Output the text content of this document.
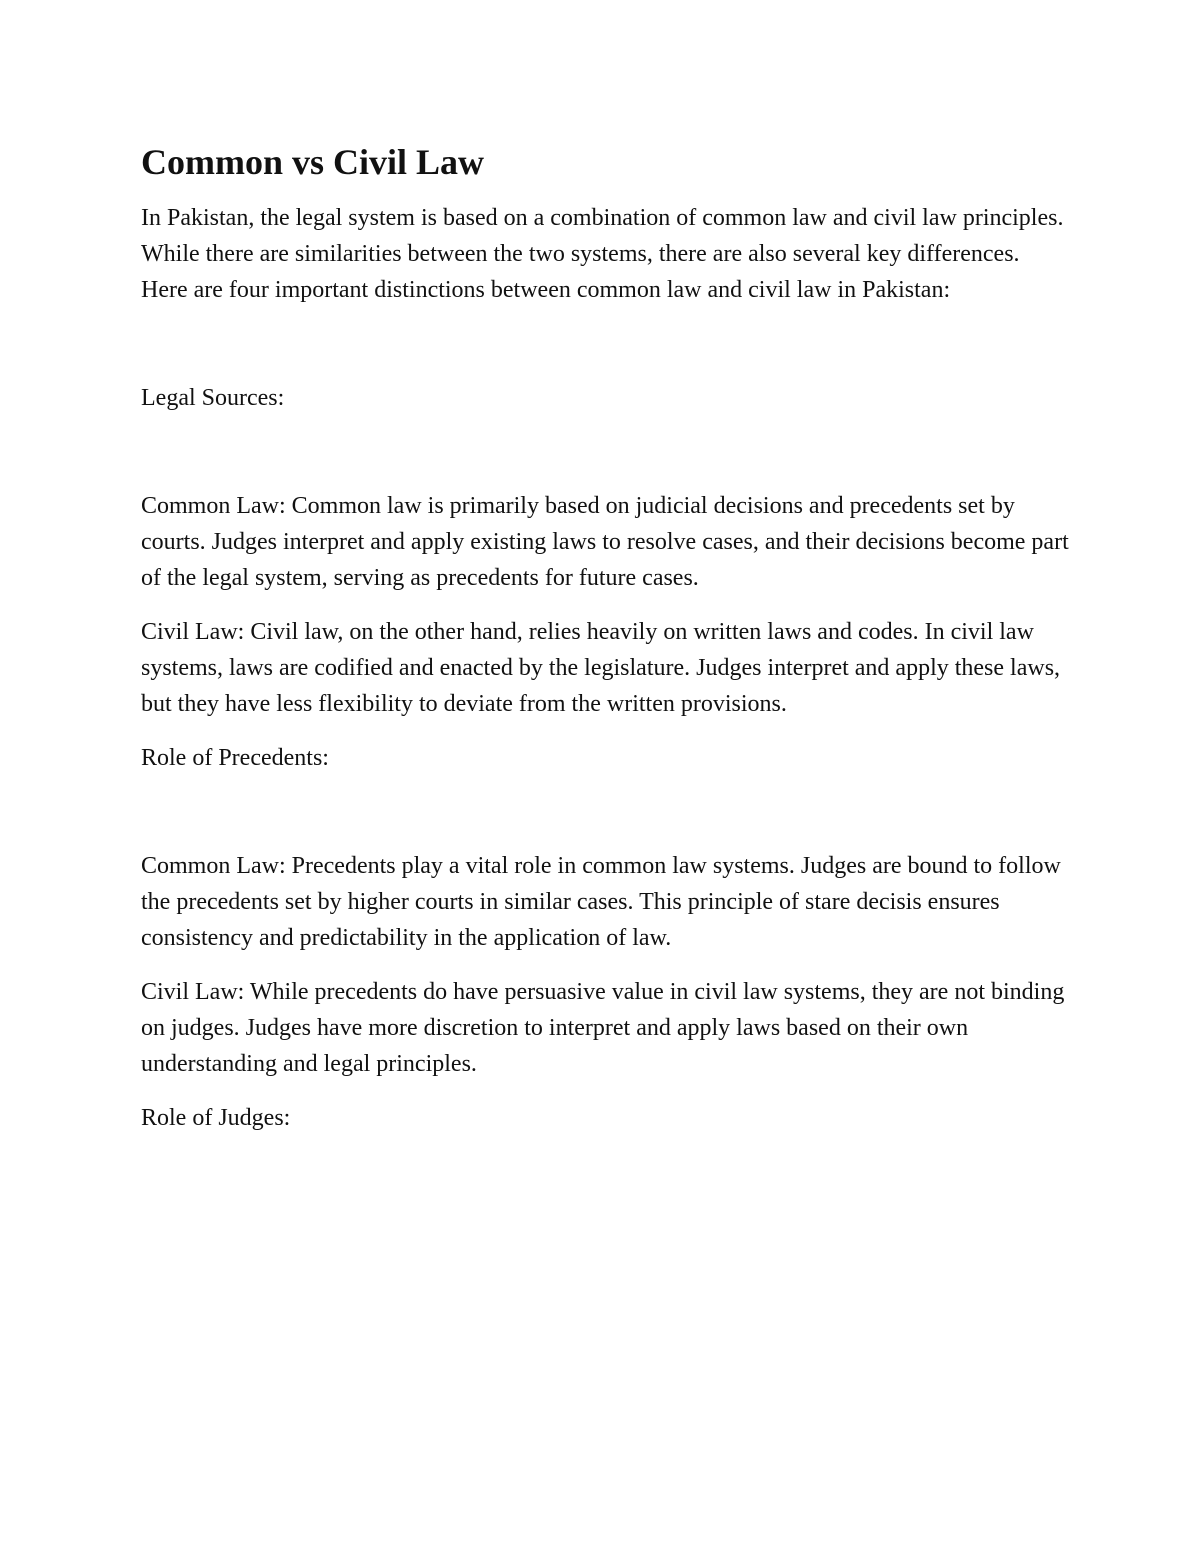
Common vs Civil Law

In Pakistan, the legal system is based on a combination of common law and civil law principles. While there are similarities between the two systems, there are also several key differences. Here are four important distinctions between common law and civil law in Pakistan:

Legal Sources:

Common Law: Common law is primarily based on judicial decisions and precedents set by courts. Judges interpret and apply existing laws to resolve cases, and their decisions become part of the legal system, serving as precedents for future cases.

Civil Law: Civil law, on the other hand, relies heavily on written laws and codes. In civil law systems, laws are codified and enacted by the legislature. Judges interpret and apply these laws, but they have less flexibility to deviate from the written provisions.

Role of Precedents:

Common Law: Precedents play a vital role in common law systems. Judges are bound to follow the precedents set by higher courts in similar cases. This principle of stare decisis ensures consistency and predictability in the application of law.

Civil Law: While precedents do have persuasive value in civil law systems, they are not binding on judges. Judges have more discretion to interpret and apply laws based on their own understanding and legal principles.

Role of Judges:
